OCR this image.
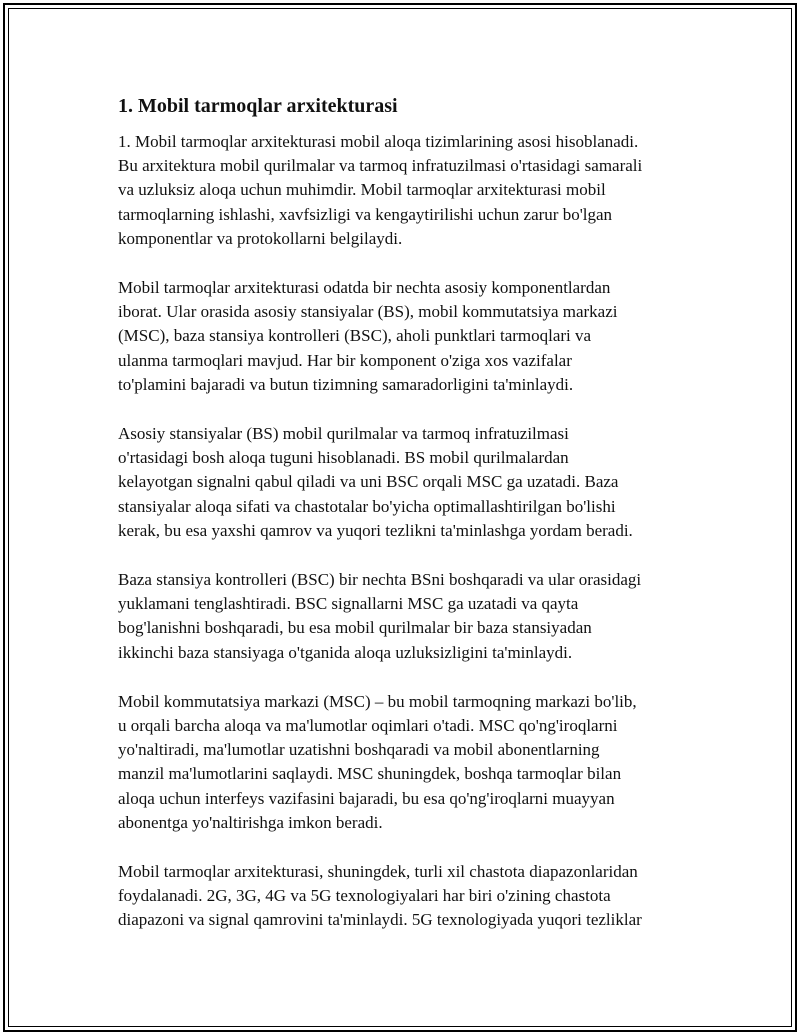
1. Mobil tarmoqlar arxitekturasi

1. Mobil tarmoqlar arxitekturasi mobil aloqa tizimlarining asosi hisoblanadi.
Bu arxitektura mobil qurilmalar va tarmoq infratuzilmasi o'rtasidagi samarali
va uzluksiz aloqa uchun muhimdir. Mobil tarmoqlar arxitekturasi mobil
tarmoqlarning ishlashi, xavfsizligi va kengaytirilishi uchun zarur bo'lgan
komponentlar va protokollarni belgilaydi.

Mobil tarmoqlar arxitekturasi odatda bir nechta asosiy komponentlardan
iborat. Ular orasida asosiy stansiyalar (BS), mobil kommutatsiya markazi
(MSC), baza stansiya kontrolleri (BSC), aholi punktlari tarmoqlari va
ulanma tarmoqlari mavjud. Har bir komponent o'ziga xos vazifalar
to'plamini bajaradi va butun tizimning samaradorligini ta'minlaydi.

Asosiy stansiyalar (BS) mobil qurilmalar va tarmoq infratuzilmasi
o'rtasidagi bosh aloqa tuguni hisoblanadi. BS mobil qurilmalardan
kelayotgan signalni qabul qiladi va uni BSC orqali MSC ga uzatadi. Baza
stansiyalar aloqa sifati va chastotalar bo'yicha optimallashtirilgan bo'lishi
kerak, bu esa yaxshi qamrov va yuqori tezlikni ta'minlashga yordam beradi.

Baza stansiya kontrolleri (BSC) bir nechta BSni boshqaradi va ular orasidagi
yuklamani tenglashtiradi. BSC signallarni MSC ga uzatadi va qayta
bog'lanishni boshqaradi, bu esa mobil qurilmalar bir baza stansiyadan
ikkinchi baza stansiyaga o'tganida aloqa uzluksizligini ta'minlaydi.

Mobil kommutatsiya markazi (MSC) – bu mobil tarmoqning markazi bo'lib,
u orqali barcha aloqa va ma'lumotlar oqimlari o'tadi. MSC qo'ng'iroqlarni
yo'naltiradi, ma'lumotlar uzatishni boshqaradi va mobil abonentlarning
manzil ma'lumotlarini saqlaydi. MSC shuningdek, boshqa tarmoqlar bilan
aloqa uchun interfeys vazifasini bajaradi, bu esa qo'ng'iroqlarni muayyan
abonentga yo'naltirishga imkon beradi.

Mobil tarmoqlar arxitekturasi, shuningdek, turli xil chastota diapazonlaridan
foydalanadi. 2G, 3G, 4G va 5G texnologiyalari har biri o'zining chastota
diapazoni va signal qamrovini ta'minlaydi. 5G texnologiyada yuqori tezliklar
